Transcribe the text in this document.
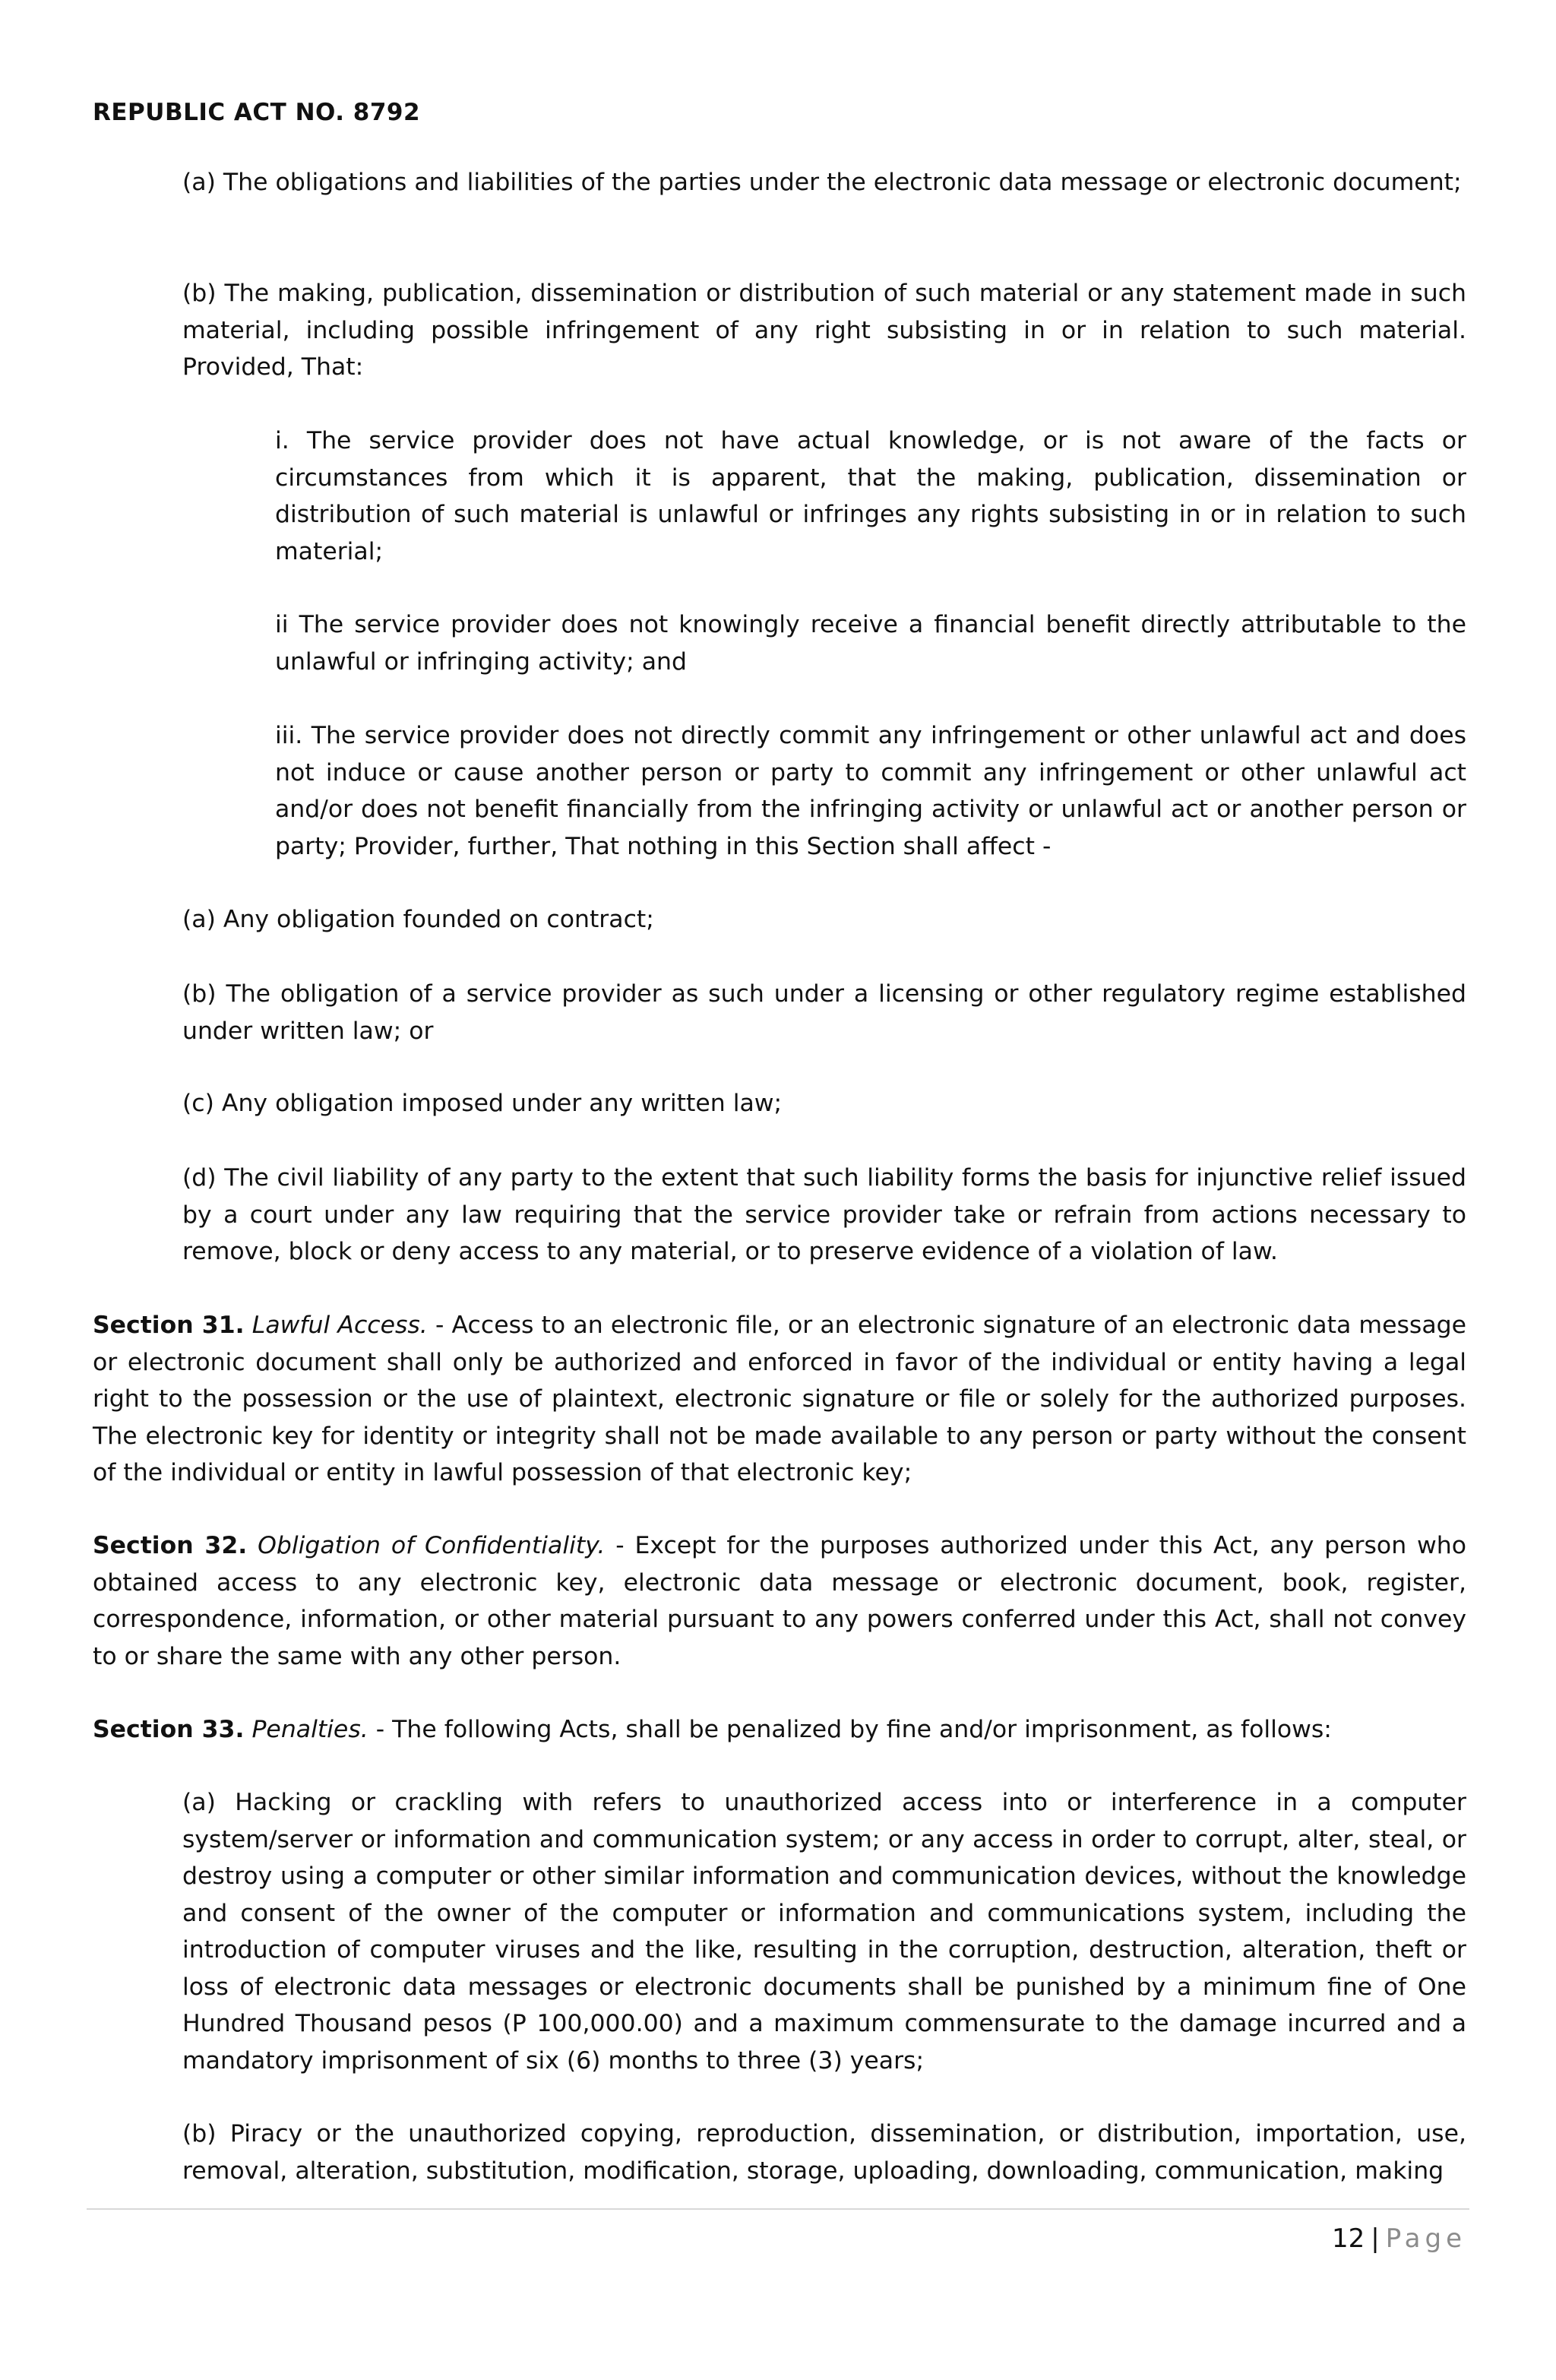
REPUBLIC ACT NO. 8792

(a) The obligations and liabilities of the parties under the electronic data message or electronic document;

(b) The making, publication, dissemination or distribution of such material or any statement made in such material, including possible infringement of any right subsisting in or in relation to such material. Provided, That:

i. The service provider does not have actual knowledge, or is not aware of the facts or circumstances from which it is apparent, that the making, publication, dissemination or distribution of such material is unlawful or infringes any rights subsisting in or in relation to such material;

ii The service provider does not knowingly receive a financial benefit directly attributable to the unlawful or infringing activity; and

iii. The service provider does not directly commit any infringement or other unlawful act and does not induce or cause another person or party to commit any infringement or other unlawful act and/or does not benefit financially from the infringing activity or unlawful act or another person or party; Provider, further, That nothing in this Section shall affect -

(a) Any obligation founded on contract;

(b) The obligation of a service provider as such under a licensing or other regulatory regime established under written law; or

(c) Any obligation imposed under any written law;

(d) The civil liability of any party to the extent that such liability forms the basis for injunctive relief issued by a court under any law requiring that the service provider take or refrain from actions necessary to remove, block or deny access to any material, or to preserve evidence of a violation of law.

Section 31. Lawful Access. - Access to an electronic file, or an electronic signature of an electronic data message or electronic document shall only be authorized and enforced in favor of the individual or entity having a legal right to the possession or the use of plaintext, electronic signature or file or solely for the authorized purposes. The electronic key for identity or integrity shall not be made available to any person or party without the consent of the individual or entity in lawful possession of that electronic key;

Section 32. Obligation of Confidentiality. - Except for the purposes authorized under this Act, any person who obtained access to any electronic key, electronic data message or electronic document, book, register, correspondence, information, or other material pursuant to any powers conferred under this Act, shall not convey to or share the same with any other person.

Section 33. Penalties. - The following Acts, shall be penalized by fine and/or imprisonment, as follows:

(a) Hacking or crackling with refers to unauthorized access into or interference in a computer system/server or information and communication system; or any access in order to corrupt, alter, steal, or destroy using a computer or other similar information and communication devices, without the knowledge and consent of the owner of the computer or information and communications system, including the introduction of computer viruses and the like, resulting in the corruption, destruction, alteration, theft or loss of electronic data messages or electronic documents shall be punished by a minimum fine of One Hundred Thousand pesos (P 100,000.00) and a maximum commensurate to the damage incurred and a mandatory imprisonment of six (6) months to three (3) years;

(b) Piracy or the unauthorized copying, reproduction, dissemination, or distribution, importation, use, removal, alteration, substitution, modification, storage, uploading, downloading, communication, making

12 | Page
